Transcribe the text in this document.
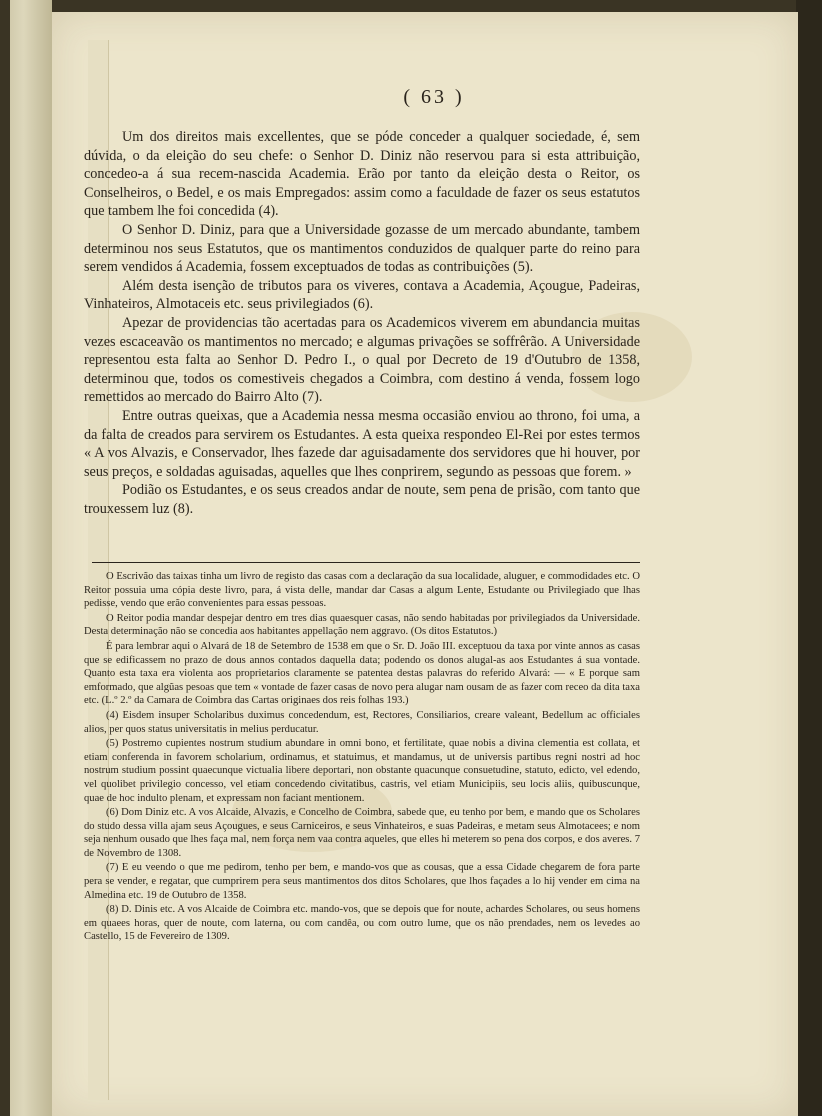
( 63 )

Um dos direitos mais excellentes, que se póde conceder a qualquer sociedade, é, sem dúvida, o da eleição do seu chefe: o Senhor D. Diniz não reservou para si esta attribuição, concedeo-a á sua recem-nascida Academia. Erão por tanto da eleição desta o Reitor, os Conselheiros, o Bedel, e os mais Empregados: assim como a faculdade de fazer os seus estatutos que tambem lhe foi concedida (4).

O Senhor D. Diniz, para que a Universidade gozasse de um mercado abundante, tambem determinou nos seus Estatutos, que os mantimentos conduzidos de qualquer parte do reino para serem vendidos á Academia, fossem exceptuados de todas as contribuições (5).

Além desta isenção de tributos para os viveres, contava a Academia, Açougue, Padeiras, Vinhateiros, Almotaceis etc. seus privilegiados (6).

Apezar de providencias tão acertadas para os Academicos viverem em abundancia muitas vezes escaceavão os mantimentos no mercado; e algumas privações se soffrêrão. A Universidade representou esta falta ao Senhor D. Pedro I., o qual por Decreto de 19 d'Outubro de 1358, determinou que, todos os comestiveis chegados a Coimbra, com destino á venda, fossem logo remettidos ao mercado do Bairro Alto (7).

Entre outras queixas, que a Academia nessa mesma occasião enviou ao throno, foi uma, a da falta de creados para servirem os Estudantes. A esta queixa respondeo El-Rei por estes termos « A vos Alvazis, e Conservador, lhes fazede dar aguisadamente dos servidores que hi houver, por seus preços, e soldadas aguisadas, aquelles que lhes conprirem, segundo as pessoas que forem. »

Podião os Estudantes, e os seus creados andar de noute, sem pena de prisão, com tanto que trouxessem luz (8).

O Escrivão das taixas tinha um livro de registo das casas com a declaração da sua localidade, aluguer, e commodidades etc. O Reitor possuia uma cópia deste livro, para, á vista delle, mandar dar Casas a algum Lente, Estudante ou Privilegiado que lhas pedisse, vendo que erão convenientes para essas pessoas.

O Reitor podia mandar despejar dentro em tres dias quaesquer casas, não sendo habitadas por privilegiados da Universidade. Desta determinação não se concedia aos habitantes appellação nem aggravo. (Os ditos Estatutos.)

É para lembrar aqui o Alvará de 18 de Setembro de 1538 em que o Sr. D. João III. exceptuou da taxa por vinte annos as casas que se edificassem no prazo de dous annos contados daquella data; podendo os donos alugal-as aos Estudantes á sua vontade. Quanto esta taxa era violenta aos proprietarios claramente se patentea destas palavras do referido Alvará: — « E porque sam emformado, que algũas pesoas que tem « vontade de fazer casas de novo pera alugar nam ousam de as fazer com receo da dita taxa etc. (L.º 2.º da Camara de Coimbra das Cartas originaes dos reis folhas 193.)

(4) Eisdem insuper Scholaribus duximus concedendum, est, Rectores, Consiliarios, creare valeant, Bedellum ac officiales alios, per quos status universitatis in melius perducatur.

(5) Postremo cupientes nostrum studium abundare in omni bono, et fertilitate, quae nobis a divina clementia est collata, et etiam conferenda in favorem scholarium, ordinamus, et statuimus, et mandamus, ut de universis partibus regni nostri ad hoc nostrum studium possint quaecunque victualia libere deportari, non obstante quacunque consuetudine, statuto, edicto, vel edendo, vel quolibet privilegio concesso, vel etiam concedendo civitatibus, castris, vel etiam Municipiis, seu locis aliis, quibuscunque, quae de hoc indulto plenam, et expressam non faciant mentionem.

(6) Dom Diniz etc. A vos Alcaide, Alvazis, e Concelho de Coimbra, sabede que, eu tenho por bem, e mando que os Scholares do studo dessa villa ajam seus Açougues, e seus Carniceiros, e seus Vinhateiros, e suas Padeiras, e metam seus Almotacees; e nom seja nenhum ousado que lhes faça mal, nem força nem vaa contra aqueles, que elles hi meterem so pena dos corpos, e dos averes. 7 de Novembro de 1308.

(7) E eu veendo o que me pedirom, tenho per bem, e mando-vos que as cousas, que a essa Cidade chegarem de fora parte pera se vender, e regatar, que cumprirem pera seus mantimentos dos ditos Scholares, que lhos façades a lo hij vender em cima na Almedina etc. 19 de Outubro de 1358.

(8) D. Dinis etc. A vos Alcaide de Coimbra etc. mando-vos, que se depois que for noute, achardes Scholares, ou seus homens em quaees horas, quer de noute, com laterna, ou com candêa, ou com outro lume, que os não prendades, nem os levedes ao Castello, 15 de Fevereiro de 1309.
